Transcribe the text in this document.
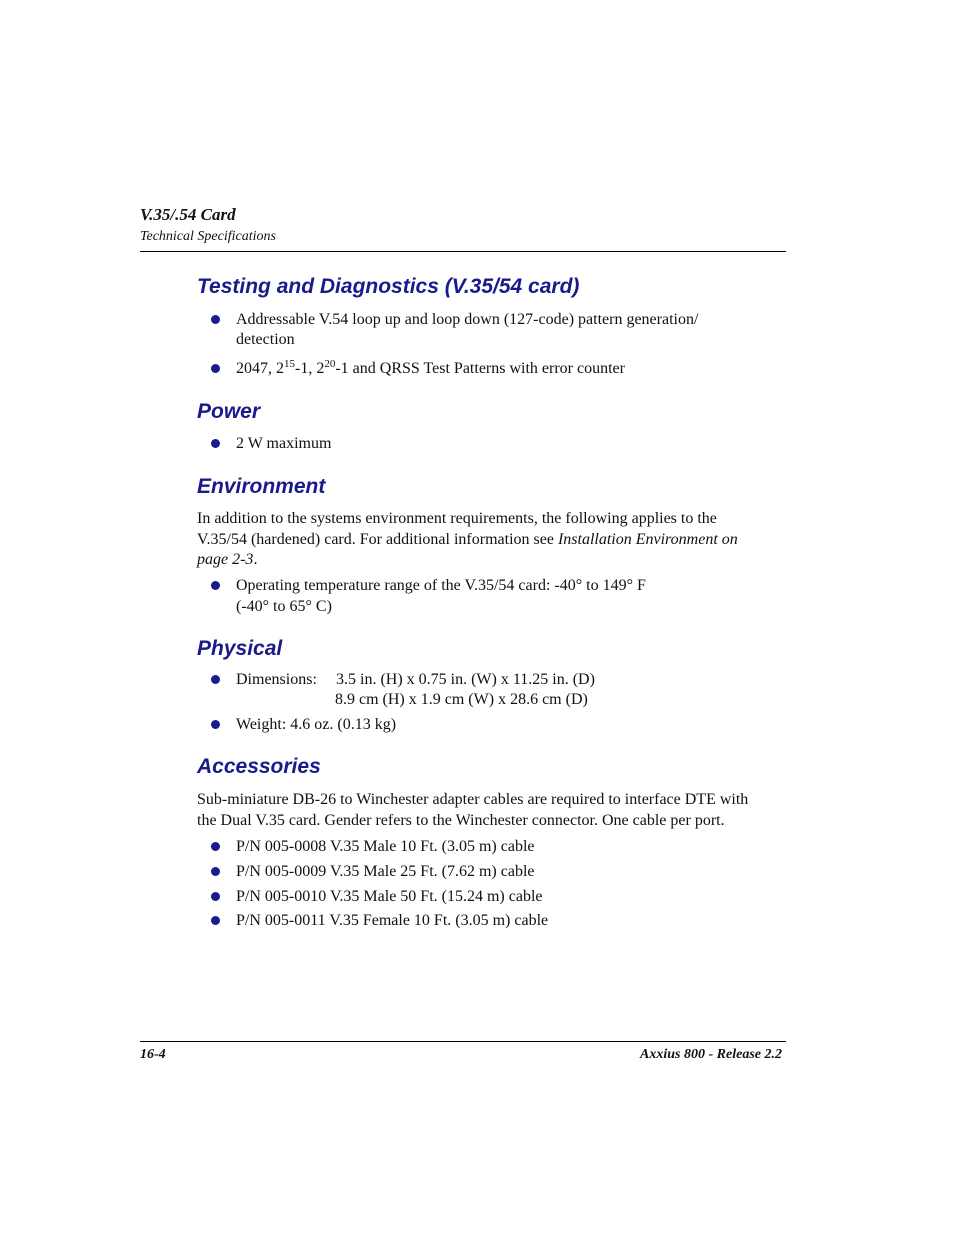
V.35/.54 Card
Technical Specifications
Testing and Diagnostics (V.35/54 card)
Addressable V.54 loop up and loop down (127-code) pattern generation/
detection
2047, $2^{15}-1$, $2^{20}-1$ and QRSS Test Patterns with error counter
Power
2 W maximum
Environment
In addition to the systems environment requirements, the following applies to the
V.35/54 (hardened) card. For additional information see Installation Environment on
page 2-3.
Operating temperature range of the V.35/54 card: -40° to 149° F
(-40° to 65° C)
Physical
Dimensions: 3.5 in. (H) x 0.75 in. (W) x 11.25 in. (D)
8.9 cm (H) x 1.9 cm (W) x 28.6 cm (D)
Weight: 4.6 oz. (0.13 kg)
Accessories
Sub-miniature DB-26 to Winchester adapter cables are required to interface DTE with
the Dual V.35 card. Gender refers to the Winchester connector. One cable per port.
P/N 005-0008 V.35 Male 10 Ft. (3.05 m) cable
P/N 005-0009 V.35 Male 25 Ft. (7.62 m) cable
P/N 005-0010 V.35 Male 50 Ft. (15.24 m) cable
P/N 005-0011 V.35 Female 10 Ft. (3.05 m) cable
16-4	Axxius 800 - Release 2.2
